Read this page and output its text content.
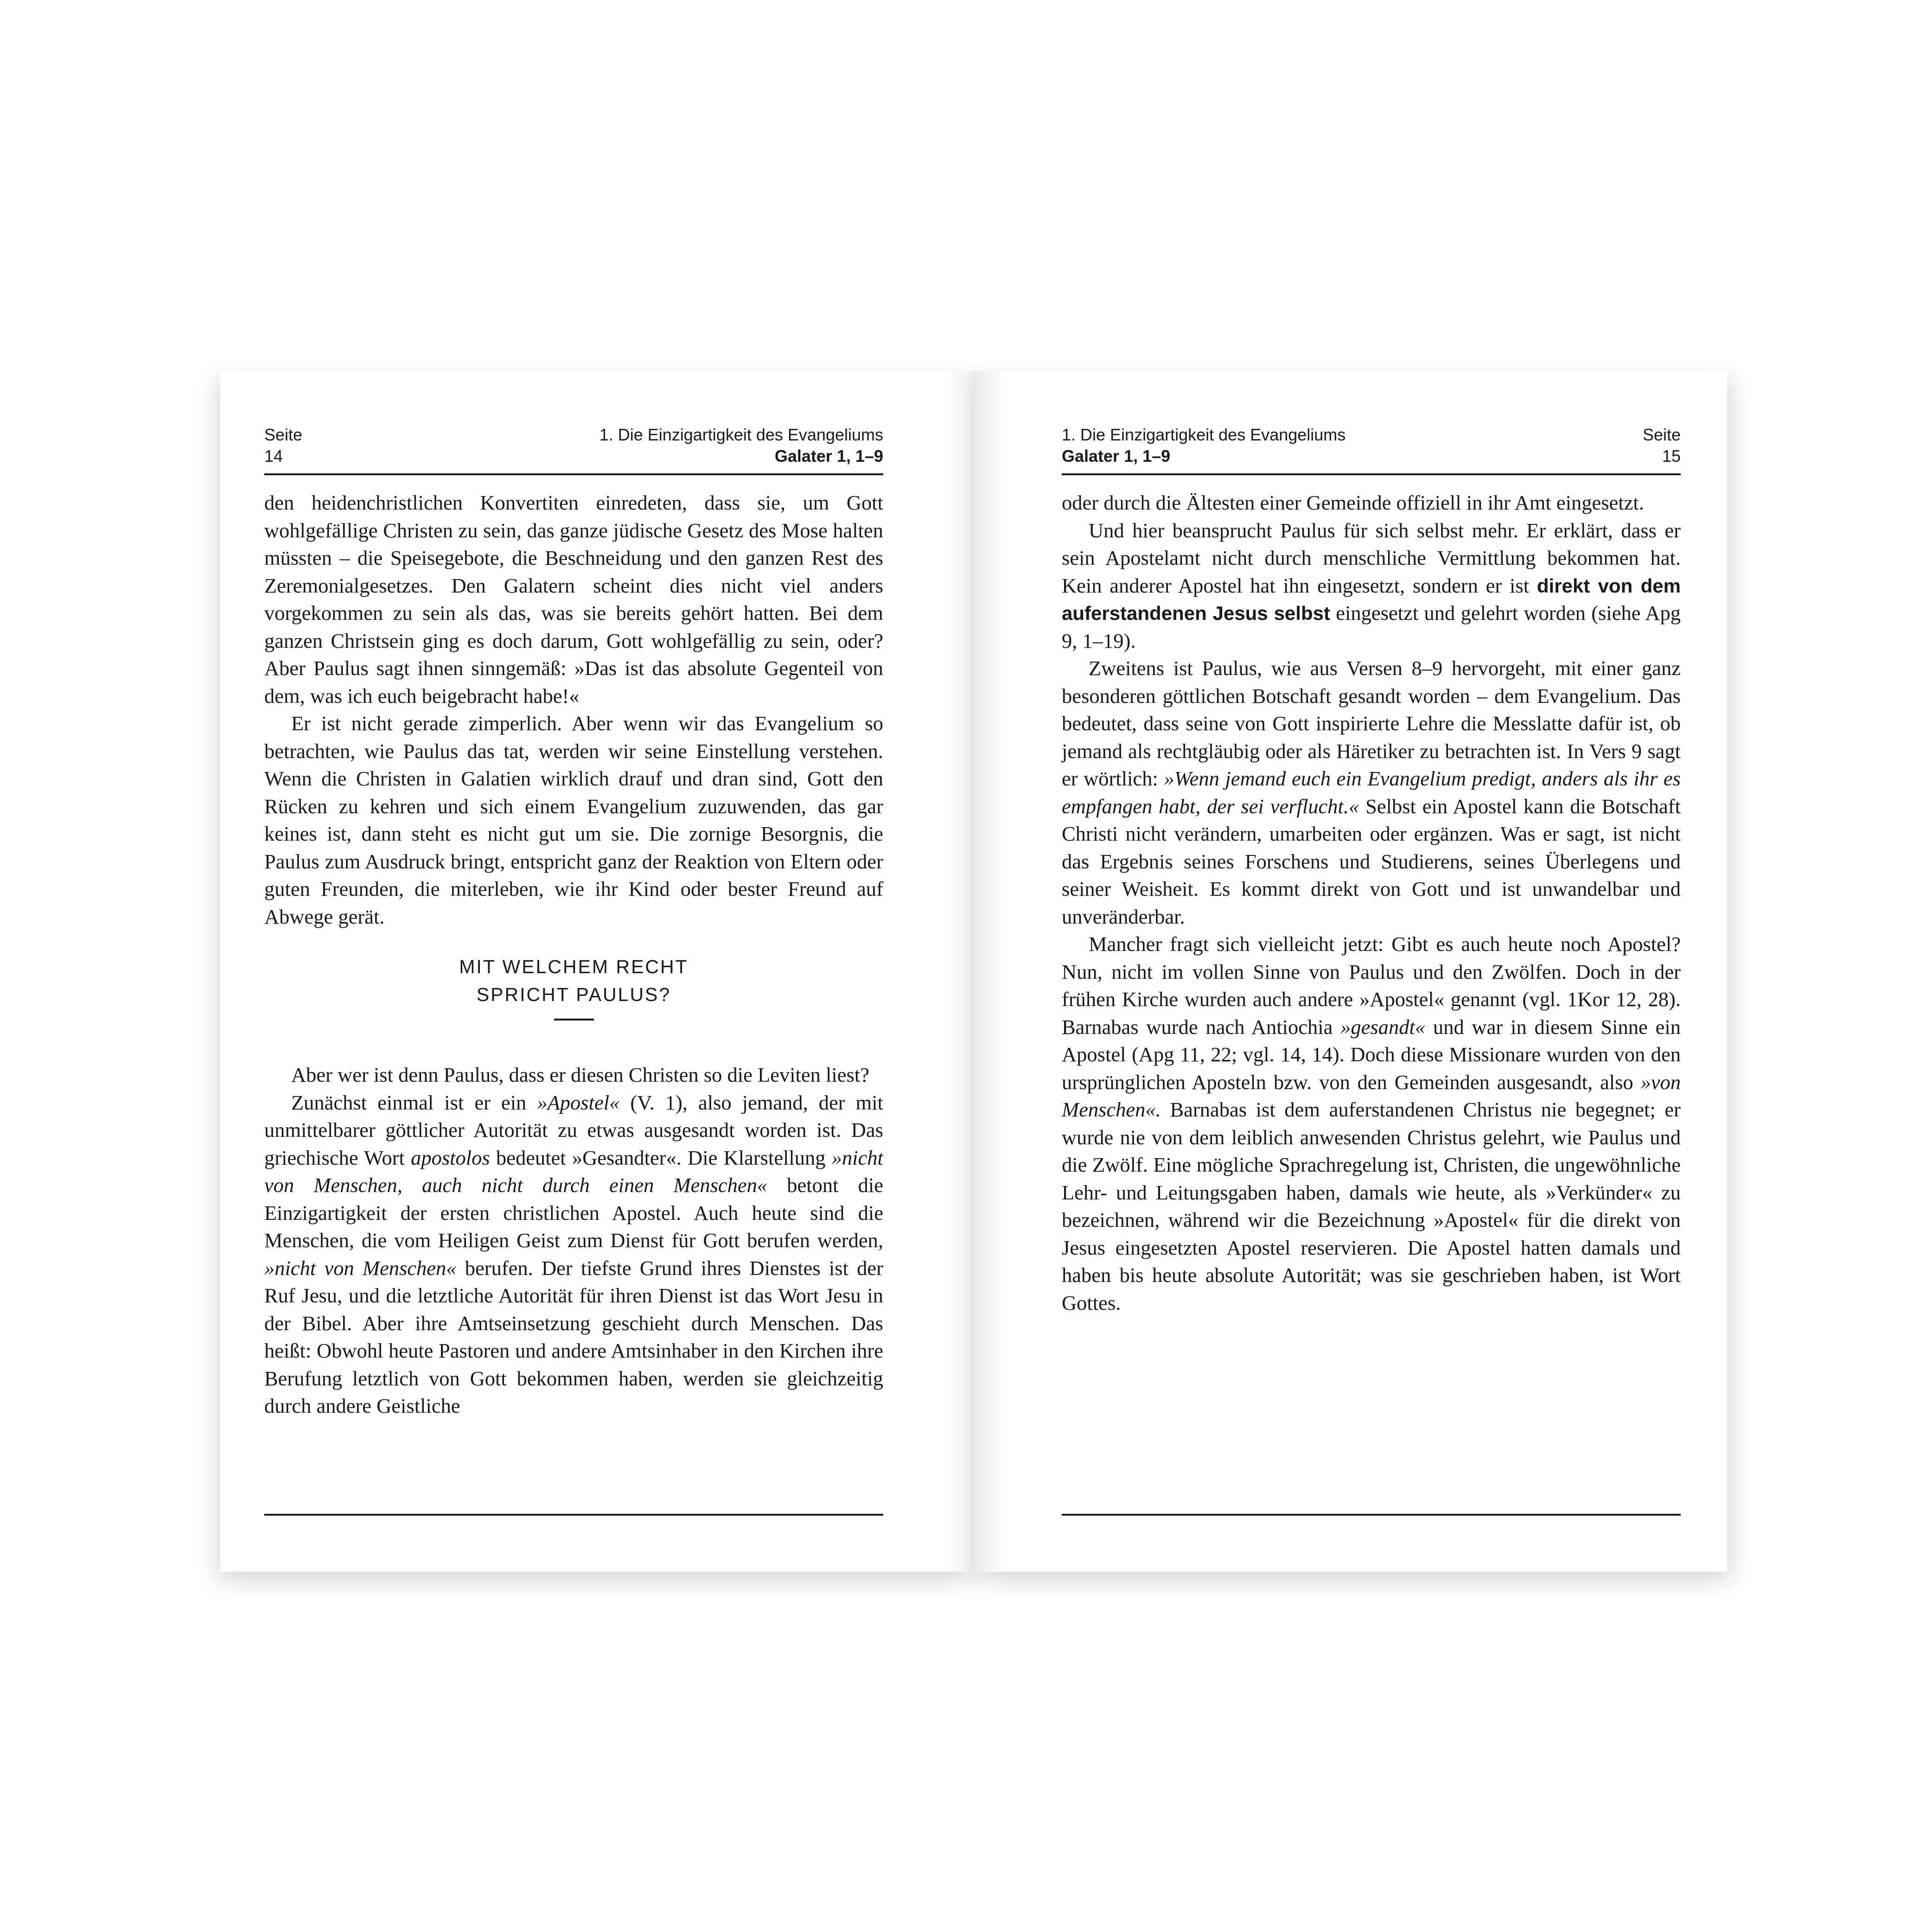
Seite
14
1. Die Einzigartigkeit des Evangeliums
Galater 1, 1–9

den heidenchristlichen Konvertiten einredeten, dass sie, um Gott wohlgefällige Christen zu sein, das ganze jüdische Gesetz des Mose halten müssten – die Speisegebote, die Beschneidung und den ganzen Rest des Zeremonialgesetzes. Den Galatern scheint dies nicht viel anders vorgekommen zu sein als das, was sie bereits gehört hatten. Bei dem ganzen Christsein ging es doch darum, Gott wohlgefällig zu sein, oder? Aber Paulus sagt ihnen sinngemäß: »Das ist das absolute Gegenteil von dem, was ich euch beigebracht habe!«

Er ist nicht gerade zimperlich. Aber wenn wir das Evangelium so betrachten, wie Paulus das tat, werden wir seine Einstellung verstehen. Wenn die Christen in Galatien wirklich drauf und dran sind, Gott den Rücken zu kehren und sich einem Evangelium zuzuwenden, das gar keines ist, dann steht es nicht gut um sie. Die zornige Besorgnis, die Paulus zum Ausdruck bringt, entspricht ganz der Reaktion von Eltern oder guten Freunden, die miterleben, wie ihr Kind oder bester Freund auf Abwege gerät.

MIT WELCHEM RECHT
SPRICHT PAULUS?

Aber wer ist denn Paulus, dass er diesen Christen so die Leviten liest?

Zunächst einmal ist er ein »Apostel« (V. 1), also jemand, der mit unmittelbarer göttlicher Autorität zu etwas ausgesandt worden ist. Das griechische Wort apostolos bedeutet »Gesandter«. Die Klarstellung »nicht von Menschen, auch nicht durch einen Menschen« betont die Einzigartigkeit der ersten christlichen Apostel. Auch heute sind die Menschen, die vom Heiligen Geist zum Dienst für Gott berufen werden, »nicht von Menschen« berufen. Der tiefste Grund ihres Dienstes ist der Ruf Jesu, und die letztliche Autorität für ihren Dienst ist das Wort Jesu in der Bibel. Aber ihre Amtseinsetzung geschieht durch Menschen. Das heißt: Obwohl heute Pastoren und andere Amtsinhaber in den Kirchen ihre Berufung letztlich von Gott bekommen haben, werden sie gleichzeitig durch andere Geistliche

1. Die Einzigartigkeit des Evangeliums
Galater 1, 1–9
Seite
15

oder durch die Ältesten einer Gemeinde offiziell in ihr Amt eingesetzt.

Und hier beansprucht Paulus für sich selbst mehr. Er erklärt, dass er sein Apostelamt nicht durch menschliche Vermittlung bekommen hat. Kein anderer Apostel hat ihn eingesetzt, sondern er ist direkt von dem auferstandenen Jesus selbst eingesetzt und gelehrt worden (siehe Apg 9, 1–19).

Zweitens ist Paulus, wie aus Versen 8–9 hervorgeht, mit einer ganz besonderen göttlichen Botschaft gesandt worden – dem Evangelium. Das bedeutet, dass seine von Gott inspirierte Lehre die Messlatte dafür ist, ob jemand als rechtgläubig oder als Häretiker zu betrachten ist. In Vers 9 sagt er wörtlich: »Wenn jemand euch ein Evangelium predigt, anders als ihr es empfangen habt, der sei verflucht.« Selbst ein Apostel kann die Botschaft Christi nicht verändern, umarbeiten oder ergänzen. Was er sagt, ist nicht das Ergebnis seines Forschens und Studierens, seines Überlegens und seiner Weisheit. Es kommt direkt von Gott und ist unwandelbar und unveränderbar.

Mancher fragt sich vielleicht jetzt: Gibt es auch heute noch Apostel? Nun, nicht im vollen Sinne von Paulus und den Zwölfen. Doch in der frühen Kirche wurden auch andere »Apostel« genannt (vgl. 1Kor 12, 28). Barnabas wurde nach Antiochia »gesandt« und war in diesem Sinne ein Apostel (Apg 11, 22; vgl. 14, 14). Doch diese Missionare wurden von den ursprünglichen Aposteln bzw. von den Gemeinden ausgesandt, also »von Menschen«. Barnabas ist dem auferstandenen Christus nie begegnet; er wurde nie von dem leiblich anwesenden Christus gelehrt, wie Paulus und die Zwölf. Eine mögliche Sprachregelung ist, Christen, die ungewöhnliche Lehr- und Leitungsgaben haben, damals wie heute, als »Verkünder« zu bezeichnen, während wir die Bezeichnung »Apostel« für die direkt von Jesus eingesetzten Apostel reservieren. Die Apostel hatten damals und haben bis heute absolute Autorität; was sie geschrieben haben, ist Wort Gottes.
